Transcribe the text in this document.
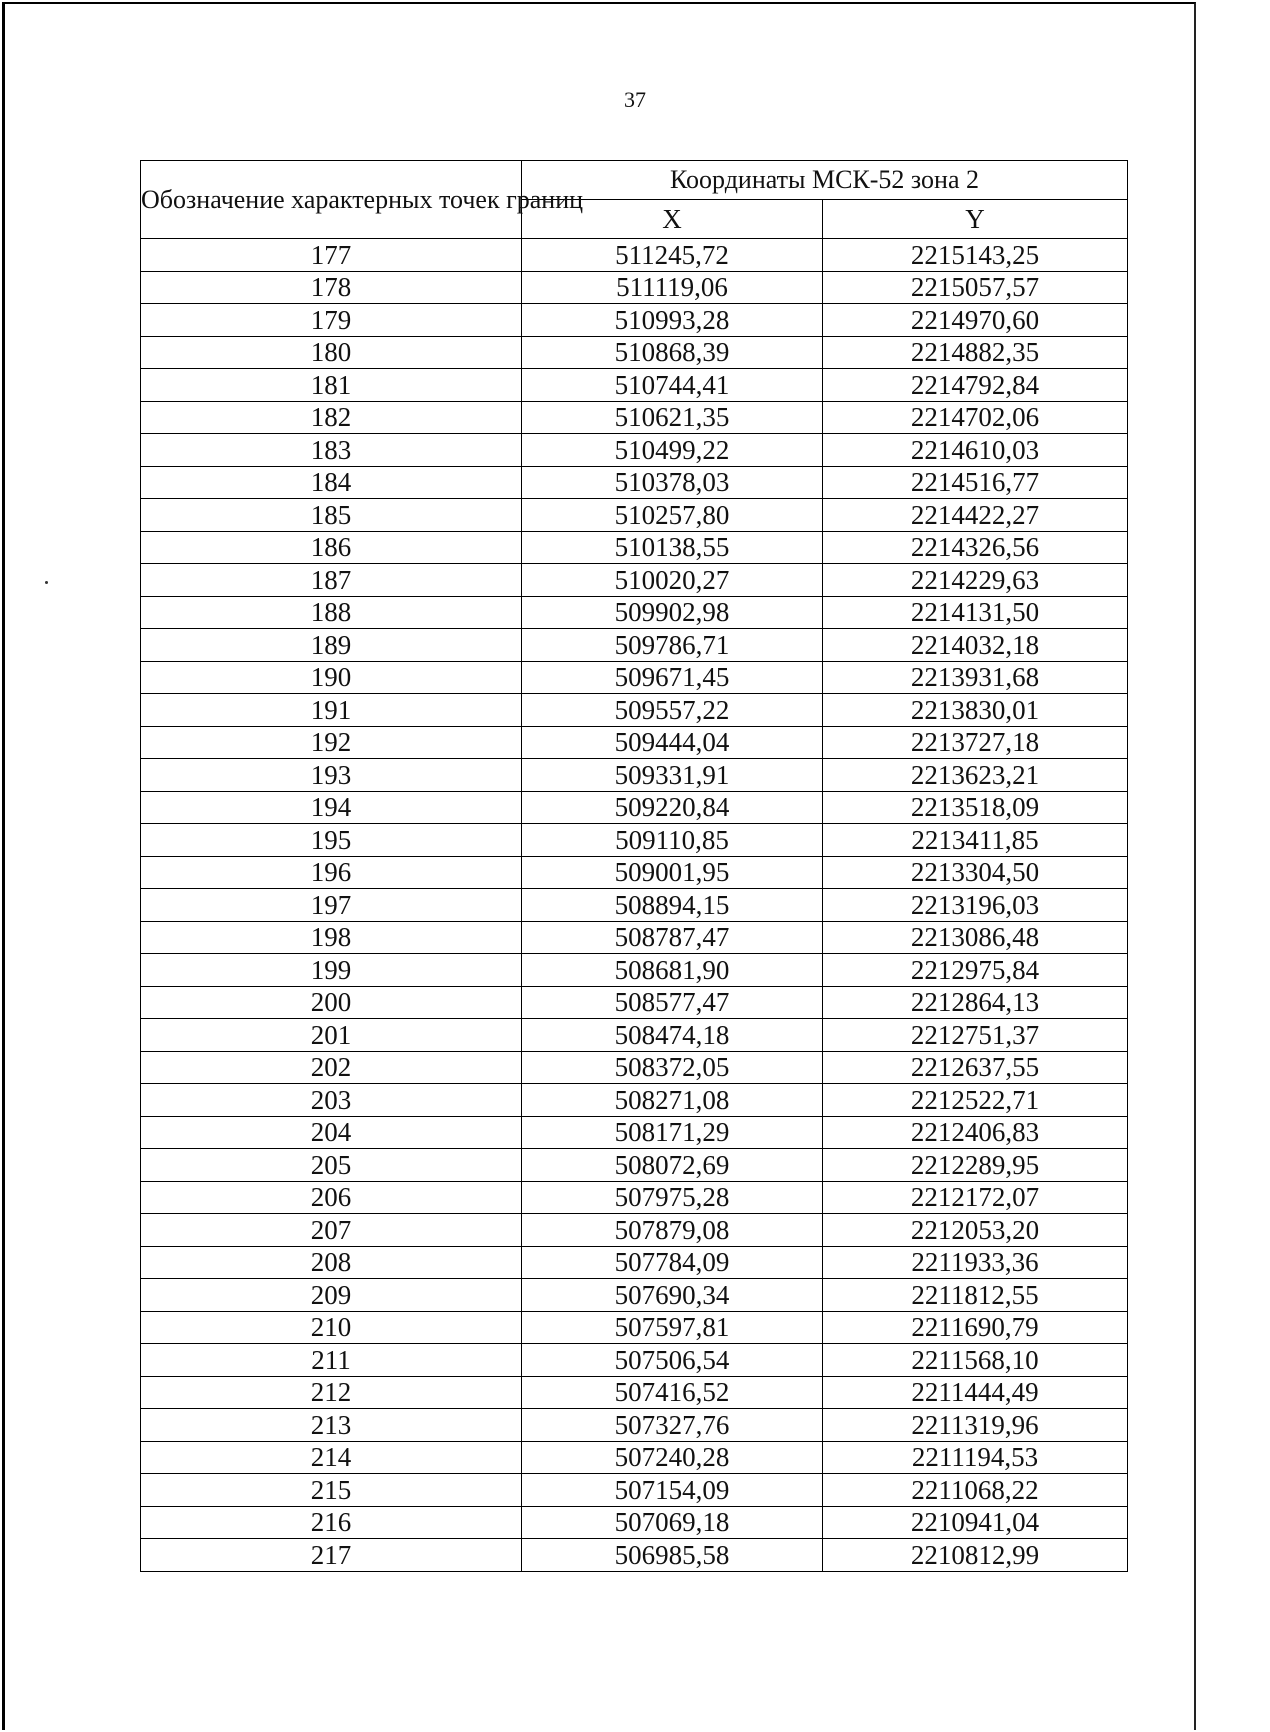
37
Обозначение характерных точек границ	Координаты МСК-52 зона 2	
	X	Y
177	511245,72	2215143,25
178	511119,06	2215057,57
179	510993,28	2214970,60
180	510868,39	2214882,35
181	510744,41	2214792,84
182	510621,35	2214702,06
183	510499,22	2214610,03
184	510378,03	2214516,77
185	510257,80	2214422,27
186	510138,55	2214326,56
187	510020,27	2214229,63
188	509902,98	2214131,50
189	509786,71	2214032,18
190	509671,45	2213931,68
191	509557,22	2213830,01
192	509444,04	2213727,18
193	509331,91	2213623,21
194	509220,84	2213518,09
195	509110,85	2213411,85
196	509001,95	2213304,50
197	508894,15	2213196,03
198	508787,47	2213086,48
199	508681,90	2212975,84
200	508577,47	2212864,13
201	508474,18	2212751,37
202	508372,05	2212637,55
203	508271,08	2212522,71
204	508171,29	2212406,83
205	508072,69	2212289,95
206	507975,28	2212172,07
207	507879,08	2212053,20
208	507784,09	2211933,36
209	507690,34	2211812,55
210	507597,81	2211690,79
211	507506,54	2211568,10
212	507416,52	2211444,49
213	507327,76	2211319,96
214	507240,28	2211194,53
215	507154,09	2211068,22
216	507069,18	2210941,04
217	506985,58	2210812,99
